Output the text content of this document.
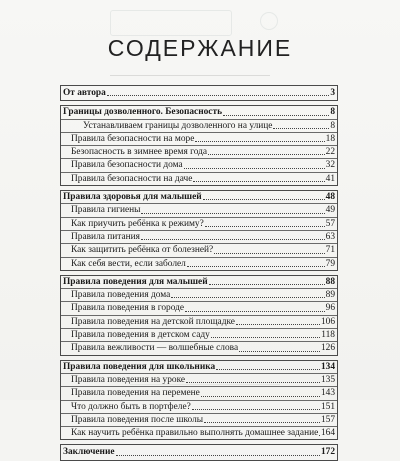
СОДЕРЖАНИЕ
От автора	3
Границы дозволенного. Безопасность	8
Устанавливаем границы дозволенного на улице	8
Правила безопасности на море	18
Безопасность в зимнее время года	22
Правила безопасности дома	32
Правила безопасности на даче	41
Правила здоровья для малышей	48
Правила гигиены	49
Как приучить ребёнка к режиму?	57
Правила питания	63
Как защитить ребёнка от болезней?	71
Как себя вести, если заболел	79
Правила поведения для малышей	88
Правила поведения дома	89
Правила поведения в городе	96
Правила поведения на детской площадке	106
Правила поведения в детском саду	118
Правила вежливости — волшебные слова	126
Правила поведения для школьника	134
Правила поведения на уроке	135
Правила поведения на перемене	143
Что должно быть в портфеле?	151
Правила поведения после школы	157
Как научить ребёнка правильно выполнять домашнее задание 164
Заключение	172
